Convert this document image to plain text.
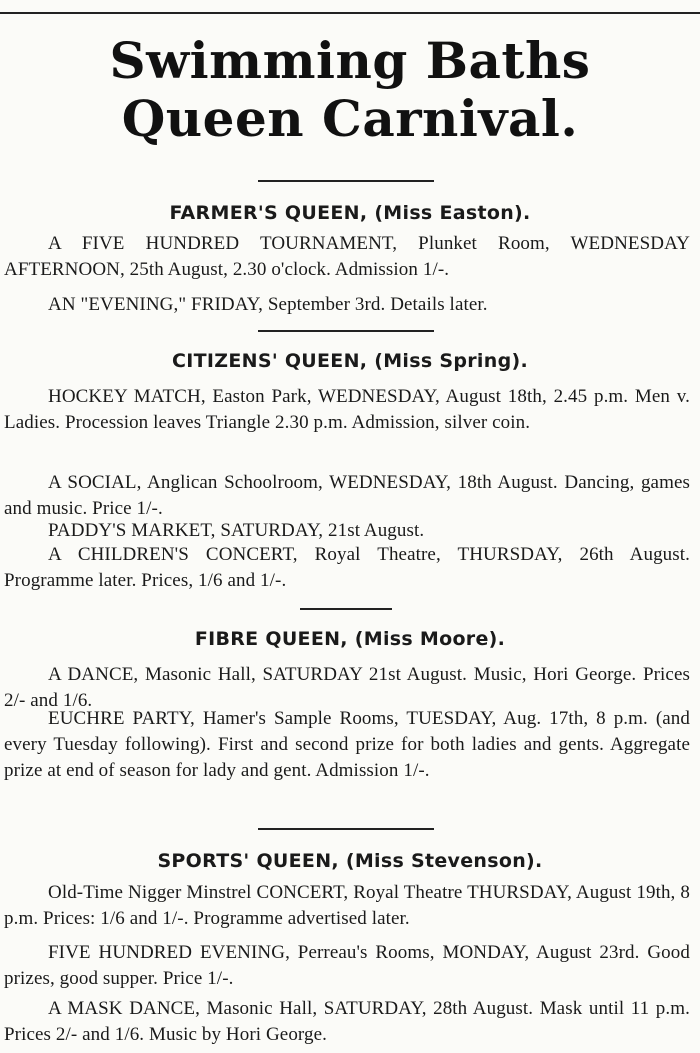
Swimming Baths Queen Carnival.
FARMER'S QUEEN, (Miss Easton).
A FIVE HUNDRED TOURNAMENT, Plunket Room, WEDNESDAY AFTERNOON, 25th August, 2.30 o'clock. Admission 1/-.
AN "EVENING," FRIDAY, September 3rd. Details later.
CITIZENS' QUEEN, (Miss Spring).
HOCKEY MATCH, Easton Park, WEDNESDAY, August 18th, 2.45 p.m. Men v. Ladies. Procession leaves Triangle 2.30 p.m. Admission, silver coin.
A SOCIAL, Anglican Schoolroom, WEDNESDAY, 18th August. Dancing, games and music. Price 1/-.
PADDY'S MARKET, SATURDAY, 21st August.
A CHILDREN'S CONCERT, Royal Theatre, THURSDAY, 26th August. Programme later. Prices, 1/6 and 1/-.
FIBRE QUEEN, (Miss Moore).
A DANCE, Masonic Hall, SATURDAY 21st August. Music, Hori George. Prices 2/- and 1/6.
EUCHRE PARTY, Hamer's Sample Rooms, TUESDAY, Aug. 17th, 8 p.m. (and every Tuesday following). First and second prize for both ladies and gents. Aggregate prize at end of season for lady and gent. Admission 1/-.
SPORTS' QUEEN, (Miss Stevenson).
Old-Time Nigger Minstrel CONCERT, Royal Theatre THURSDAY, August 19th, 8 p.m. Prices: 1/6 and 1/-. Programme advertised later.
FIVE HUNDRED EVENING, Perreau's Rooms, MONDAY, August 23rd. Good prizes, good supper. Price 1/-.
A MASK DANCE, Masonic Hall, SATURDAY, 28th August. Mask until 11 p.m. Prices 2/- and 1/6. Music by Hori George.
